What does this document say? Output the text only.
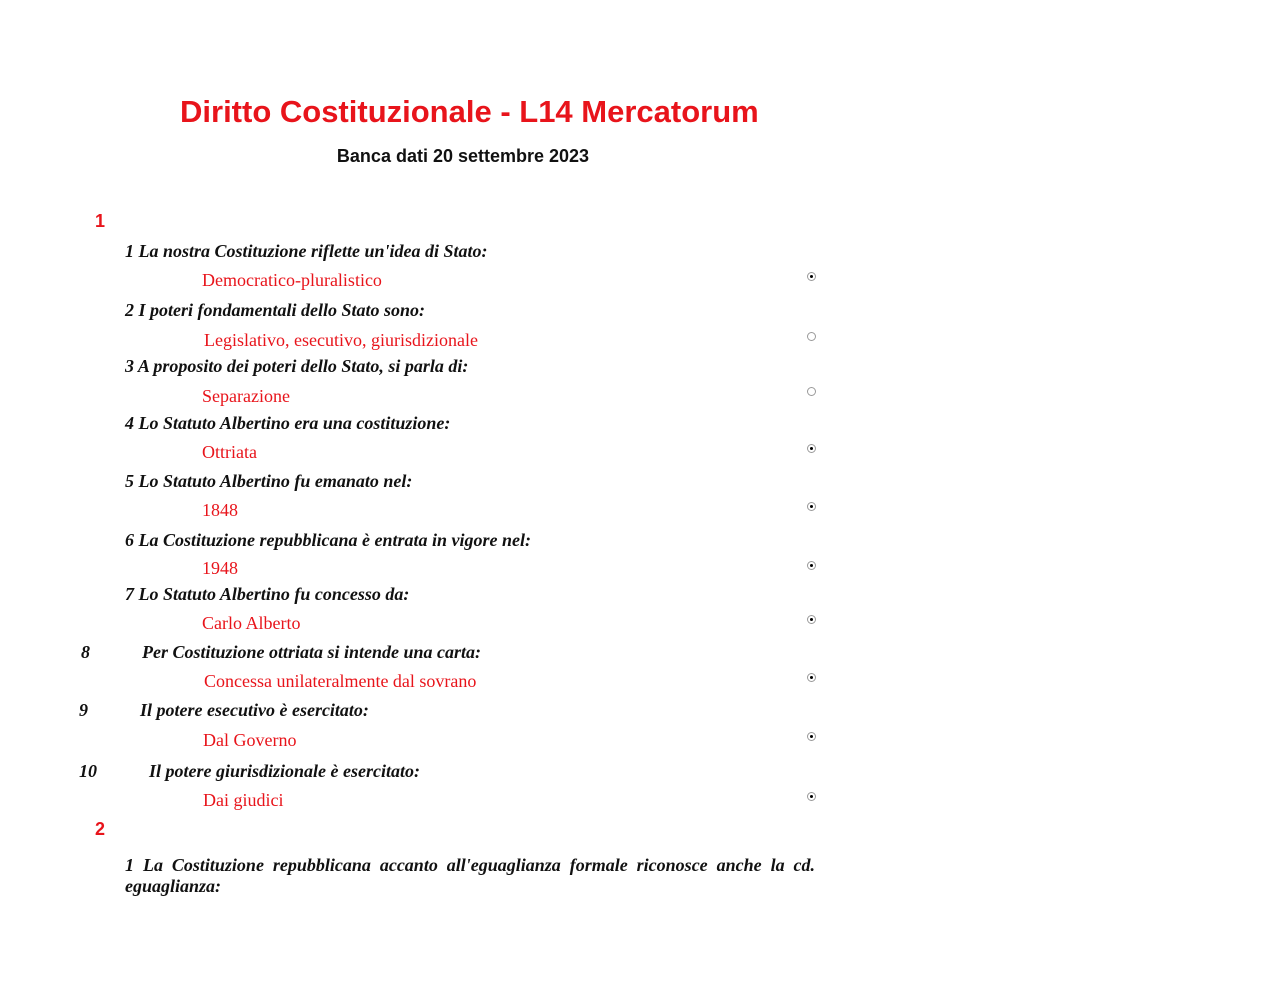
Diritto Costituzionale - L14 Mercatorum
Banca dati 20 settembre 2023
1
1 La nostra Costituzione riflette un'idea di Stato:
Democratico-pluralistico
2 I poteri fondamentali dello Stato sono:
Legislativo, esecutivo, giurisdizionale
3 A proposito dei poteri dello Stato, si parla di:
Separazione
4 Lo Statuto Albertino era una costituzione:
Ottriata
5 Lo Statuto Albertino fu emanato nel:
1848
6 La Costituzione repubblicana è entrata in vigore nel:
1948
7 Lo Statuto Albertino fu concesso da:
Carlo Alberto
8	Per Costituzione ottriata si intende una carta:
Concessa unilateralmente dal sovrano
9	Il potere esecutivo è esercitato:
Dal Governo
10	Il potere giurisdizionale è esercitato:
Dai giudici
2
1 La Costituzione repubblicana accanto all'eguaglianza formale riconosce anche la cd. eguaglianza:
